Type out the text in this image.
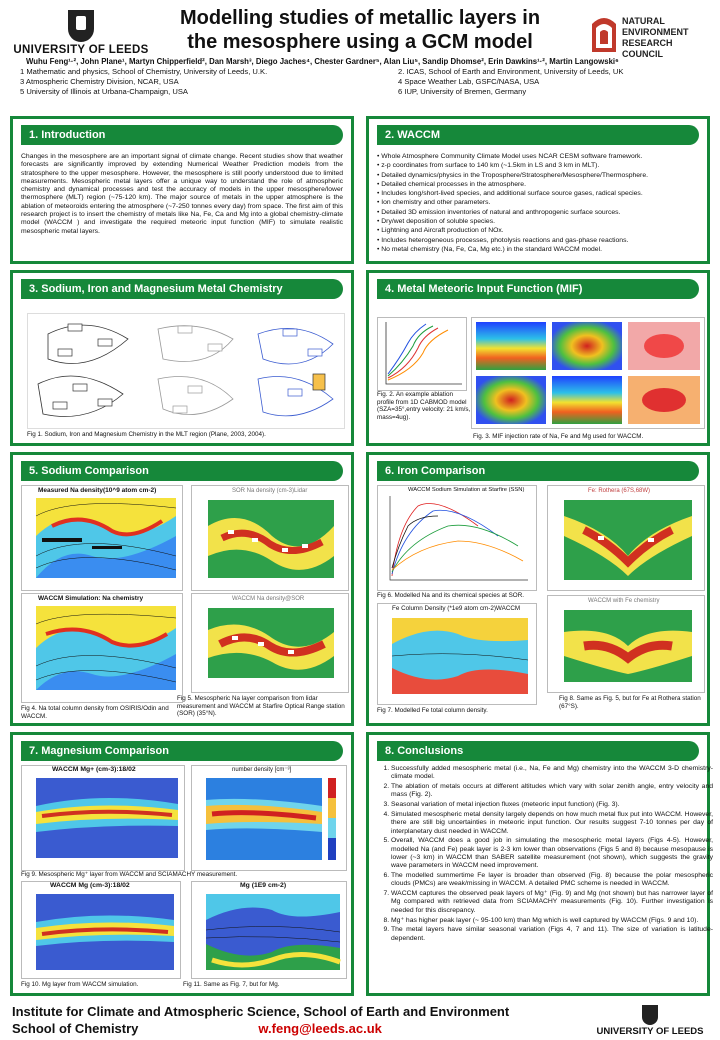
UNIVERSITY OF LEEDS
Modelling studies of metallic layers in
the mesosphere using a GCM model
NATURAL ENVIRONMENT RESEARCH COUNCIL
Wuhu Feng¹·², John Plane¹, Martyn Chipperfield², Dan Marsh³, Diego Jaches⁴, Chester Gardner⁵, Alan Liu⁵, Sandip Dhomse², Erin Dawkins¹·², Martin Langowski⁶
1 Mathematic and physics, School of Chemistry, University of Leeds, U.K.	2. ICAS, School of Earth and Environment, University of Leeds, UK
3 Atmospheric Chemistry Division, NCAR, USA	4 Space Weather Lab, GSFC/NASA, USA
5 University of Illinois at Urbana-Champaign, USA	6 IUP, University of Bremen, Germany
1. Introduction
Changes in the mesosphere are an important signal of climate change. Recent studies show that weather forecasts are significantly improved by extending Numerical Weather Prediction models from the stratosphere to the upper mesosphere. However, the mesosphere is still poorly understood due to limited measurements. Mesospheric metal layers offer a unique way to understand the role of atmospheric chemistry and dynamical processes and test the accuracy of models in the upper mesosphere/lower thermosphere (MLT) region (~75-120 km). The major source of metals in the upper atmosphere is the ablation of meteoroids entering the atmosphere (~7-250 tonnes every day) from space. The first aim of this research project is to insert the chemistry of metals like Na, Fe, Ca and Mg into a global chemistry-climate model (WACCM ) and investigate the required meteoric input function (MIF) to simulate realistic mesospheric metal layers.
2. WACCM
• Whole Atmosphere Community Climate Model uses NCAR CESM software framework.
• z-p coordinates from surface to 140 km (~1.5km in LS and 3 km in MLT).
• Detailed dynamics/physics in the Troposphere/Stratosphere/Mesosphere/Thermosphere.
• Detailed chemical processes in the atmosphere.
• Includes long/short-lived species, and additional surface source gases, radical species.
• Ion chemistry and other parameters.
• Detailed 3D emission inventories of natural and anthropogenic surface sources.
• Dry/wet deposition of soluble species.
• Lightning and Aircraft production of NOx.
• Includes heterogeneous processes, photolysis reactions and gas-phase reactions.
• No metal chemistry (Na, Fe, Ca, Mg etc.) in the standard WACCM model.
3. Sodium, Iron and Magnesium Metal Chemistry
Fig 1. Sodium, Iron and Magnesium Chemistry in the MLT region (Plane, 2003, 2004).
4. Metal Meteoric Input Function (MIF)
Fig. 2. An example ablation profile from 1D CABMOD model (SZA=35°,entry velocity: 21 km/s, mass=4ug).
Fig. 3. MIF injection rate of Na, Fe and Mg used for WACCM.
5. Sodium Comparison
Measured Na density(10^9 atom cm-2)
WACCM Simulation: Na chemistry
SOR Na density (cm-3)Lidar
WACCM Na density@SOR
Fig 4. Na total column density from OSIRIS/Odin and WACCM.
Fig 5. Mesospheric Na layer comparison from lidar measurement and WACCM at Starfire Optical Range station (SOR) (35°N).
6. Iron Comparison
WACCM Sodium Simulation at Starfire (SSN)	Fe: Rothera (67S,68W)
Fig 6. Modelled Na and its chemical species at SOR.
Fe Column Density (*1e9 atom cm-2)WACCM
WACCM with Fe chemistry
Fig 7. Modelled Fe total column density.
Fig 8. Same as Fig. 5, but for Fe at Rothera station (67°S).
7. Magnesium Comparison
WACCM Mg+ (cm-3):18/02	number density [cm⁻³]
Fig 9. Mesospheric Mg⁺ layer from WACCM and SCIAMACHY measurement.
WACCM Mg (cm-3):18/02	Mg (1E9 cm-2)
Fig 10. Mg layer from WACCM simulation.	Fig 11. Same as Fig. 7, but for Mg.
8. Conclusions
1. Successfully added mesospheric metal (i.e., Na, Fe and Mg) chemistry into the WACCM 3-D chemistry-climate model.
2. The ablation of metals occurs at different altitudes which vary with solar zenith angle, entry velocity and mass (Fig. 2).
3. Seasonal variation of metal injection fluxes (meteoric input function) (Fig. 3).
4. Simulated mesospheric metal density largely depends on how much metal flux put into WACCM. However, there are still big uncertainties in meteoric input function. Our results suggest 7-10 tonnes per day of interplanetary dust needed in WACCM.
5. Overall, WACCM does a good job in simulating the mesospheric metal layers (Figs 4-5). However, modelled Na (and Fe) peak layer is 2-3 km lower than observations (Figs 5 and 8) because mesopause is lower (~3 km) in WACCM than SABER satellite measurement (not shown), which suggests the gravity wave parameters in WACCM need improvement.
6. The modelled summertime Fe layer is broader than observed (Fig. 8) because the polar mesospheric clouds (PMCs) are weak/missing in WACCM. A detailed PMC scheme is needed in WACCM.
7. WACCM captures the observed peak layers of Mg⁺ (Fig. 9) and Mg (not shown) but has narrower layer of Mg compared with retrieved data from SCIAMACHY measurements (Fig. 10). Further investigation is needed for this discrepancy.
8. Mg⁺ has higher peak layer (~ 95-100 km) than Mg which is well captured by WACCM (Figs. 9 and 10).
9. The metal layers have similar seasonal variation (Figs 4, 7 and 11). The size of variation is latitude-dependent.
Institute for Climate and Atmospheric Science, School of Earth and Environment
School of Chemistry	w.feng@leeds.ac.uk	UNIVERSITY OF LEEDS
